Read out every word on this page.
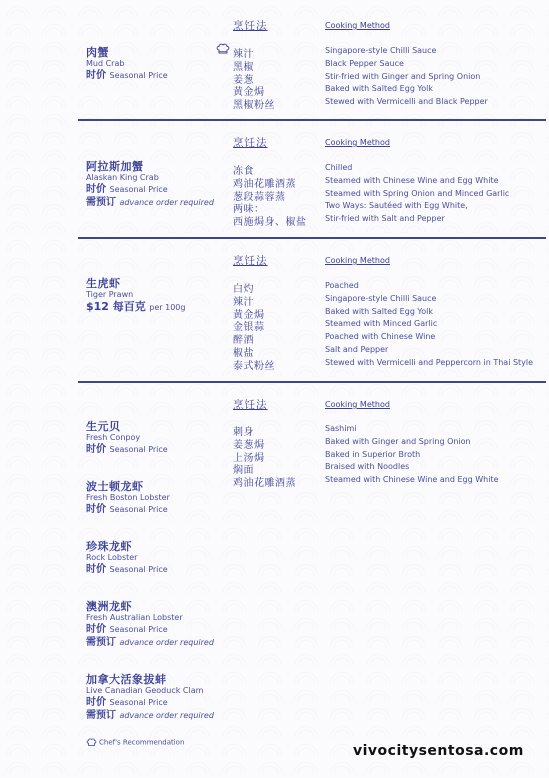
烹饪法	Cooking Method
肉蟹
Mud Crab
时价 Seasonal Price
辣汁	Singapore-style Chilli Sauce
黑椒	Black Pepper Sauce
姜葱	Stir-fried with Ginger and Spring Onion
黄金焗	Baked with Salted Egg Yolk
黑椒粉丝	Stewed with Vermicelli and Black Pepper
烹饪法	Cooking Method
阿拉斯加蟹
Alaskan King Crab
时价 Seasonal Price
需预订 advance order required
冻食	Chilled
鸡油花雕酒蒸	Steamed with Chinese Wine and Egg White
葱段蒜蓉蒸	Steamed with Spring Onion and Minced Garlic
两味：	Two Ways: Sautéed with Egg White,
西施焗身、椒盐 Stir-fried with Salt and Pepper
烹饪法	Cooking Method
生虎虾
Tiger Prawn
$12 每百克 per 100g
白灼	Poached
辣汁	Singapore-style Chilli Sauce
黄金焗	Baked with Salted Egg Yolk
金银蒜	Steamed with Minced Garlic
醉酒	Poached with Chinese Wine
椒盐	Salt and Pepper
泰式粉丝	Stewed with Vermicelli and Peppercorn in Thai Style
烹饪法	Cooking Method
刺身	Sashimi
姜葱焗	Baked with Ginger and Spring Onion
上汤焗	Baked in Superior Broth
焖面	Braised with Noodles
鸡油花雕酒蒸	Steamed with Chinese Wine and Egg White
生元贝
Fresh Conpoy
时价 Seasonal Price
波士顿龙虾
Fresh Boston Lobster
时价 Seasonal Price
珍珠龙虾
Rock Lobster
时价 Seasonal Price
澳洲龙虾
Fresh Australian Lobster
时价 Seasonal Price
需预订 advance order required
加拿大活象拔蚌
Live Canadian Geoduck Clam
时价 Seasonal Price
需预订 advance order required
Chef's Recommendation
vivocitysentosa.com
